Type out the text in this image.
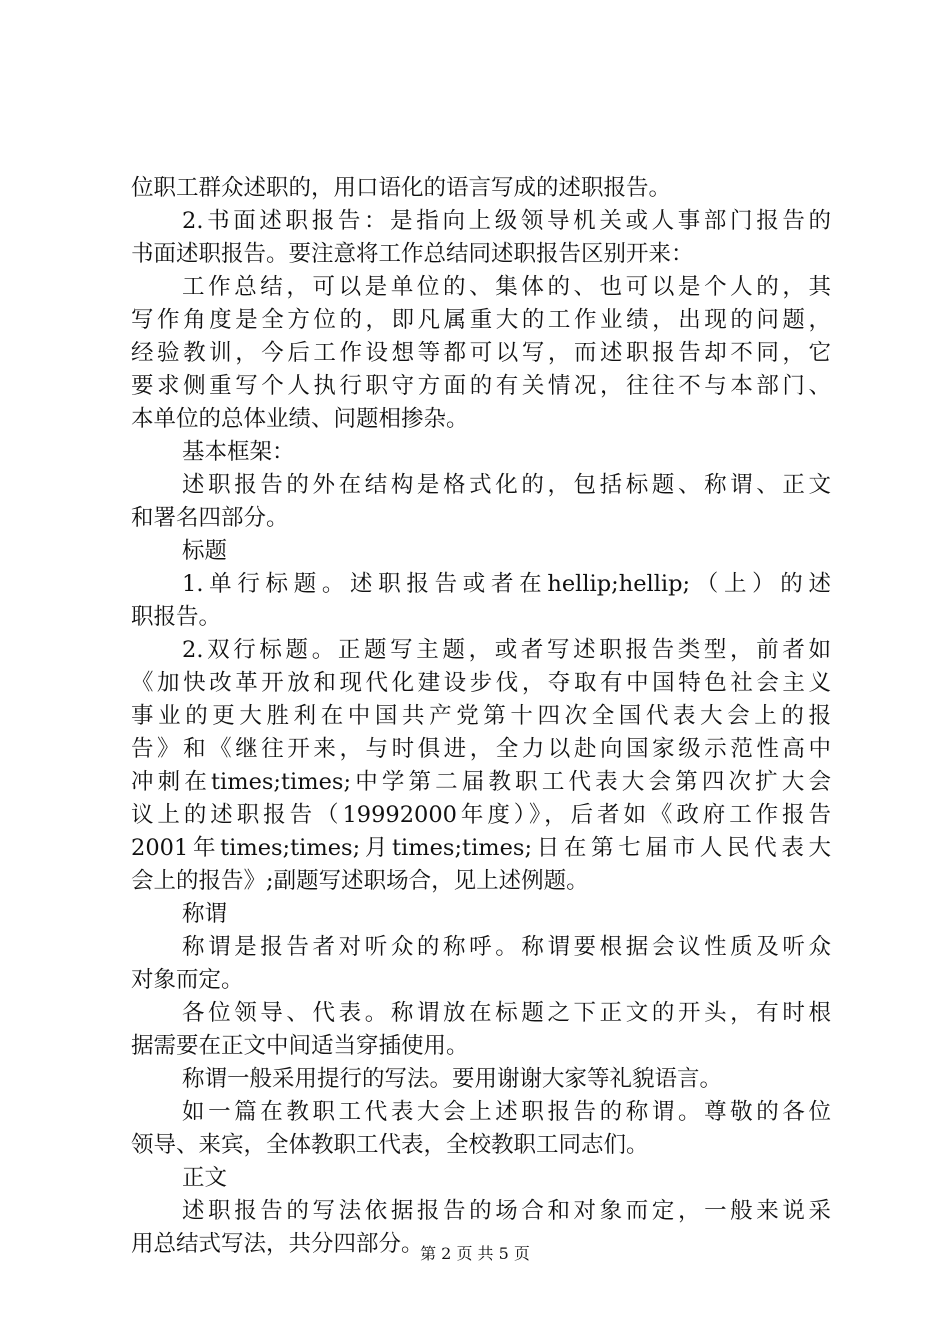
位职工群众述职的，用口语化的语言写成的述职报告。
2.书面述职报告：是指向上级领导机关或人事部门报告的
书面述职报告。要注意将工作总结同述职报告区别开来：
工作总结，可以是单位的、集体的、也可以是个人的，其
写作角度是全方位的，即凡属重大的工作业绩，出现的问题，
经验教训，今后工作设想等都可以写，而述职报告却不同，它
要求侧重写个人执行职守方面的有关情况，往往不与本部门、
本单位的总体业绩、问题相掺杂。
基本框架：
述职报告的外在结构是格式化的，包括标题、称谓、正文
和署名四部分。
标题
1.单行标题。述职报告或者在hellip;hellip;（上）的述
职报告。
2.双行标题。正题写主题，或者写述职报告类型，前者如
《加快改革开放和现代化建设步伐，夺取有中国特色社会主义
事业的更大胜利在中国共产党第十四次全国代表大会上的报
告》和《继往开来，与时俱进，全力以赴向国家级示范性高中
冲刺在times;times;中学第二届教职工代表大会第四次扩大会
议上的述职报告（19992000年度）》，后者如《政府工作报告
2001年times;times;月times;times;日在第七届市人民代表大
会上的报告》;副题写述职场合，见上述例题。
称谓
称谓是报告者对听众的称呼。称谓要根据会议性质及听众
对象而定。
各位领导、代表。称谓放在标题之下正文的开头，有时根
据需要在正文中间适当穿插使用。
称谓一般采用提行的写法。要用谢谢大家等礼貌语言。
如一篇在教职工代表大会上述职报告的称谓。尊敬的各位
领导、来宾，全体教职工代表，全校教职工同志们。
正文
述职报告的写法依据报告的场合和对象而定，一般来说采
用总结式写法，共分四部分。
第 2 页 共 5 页
